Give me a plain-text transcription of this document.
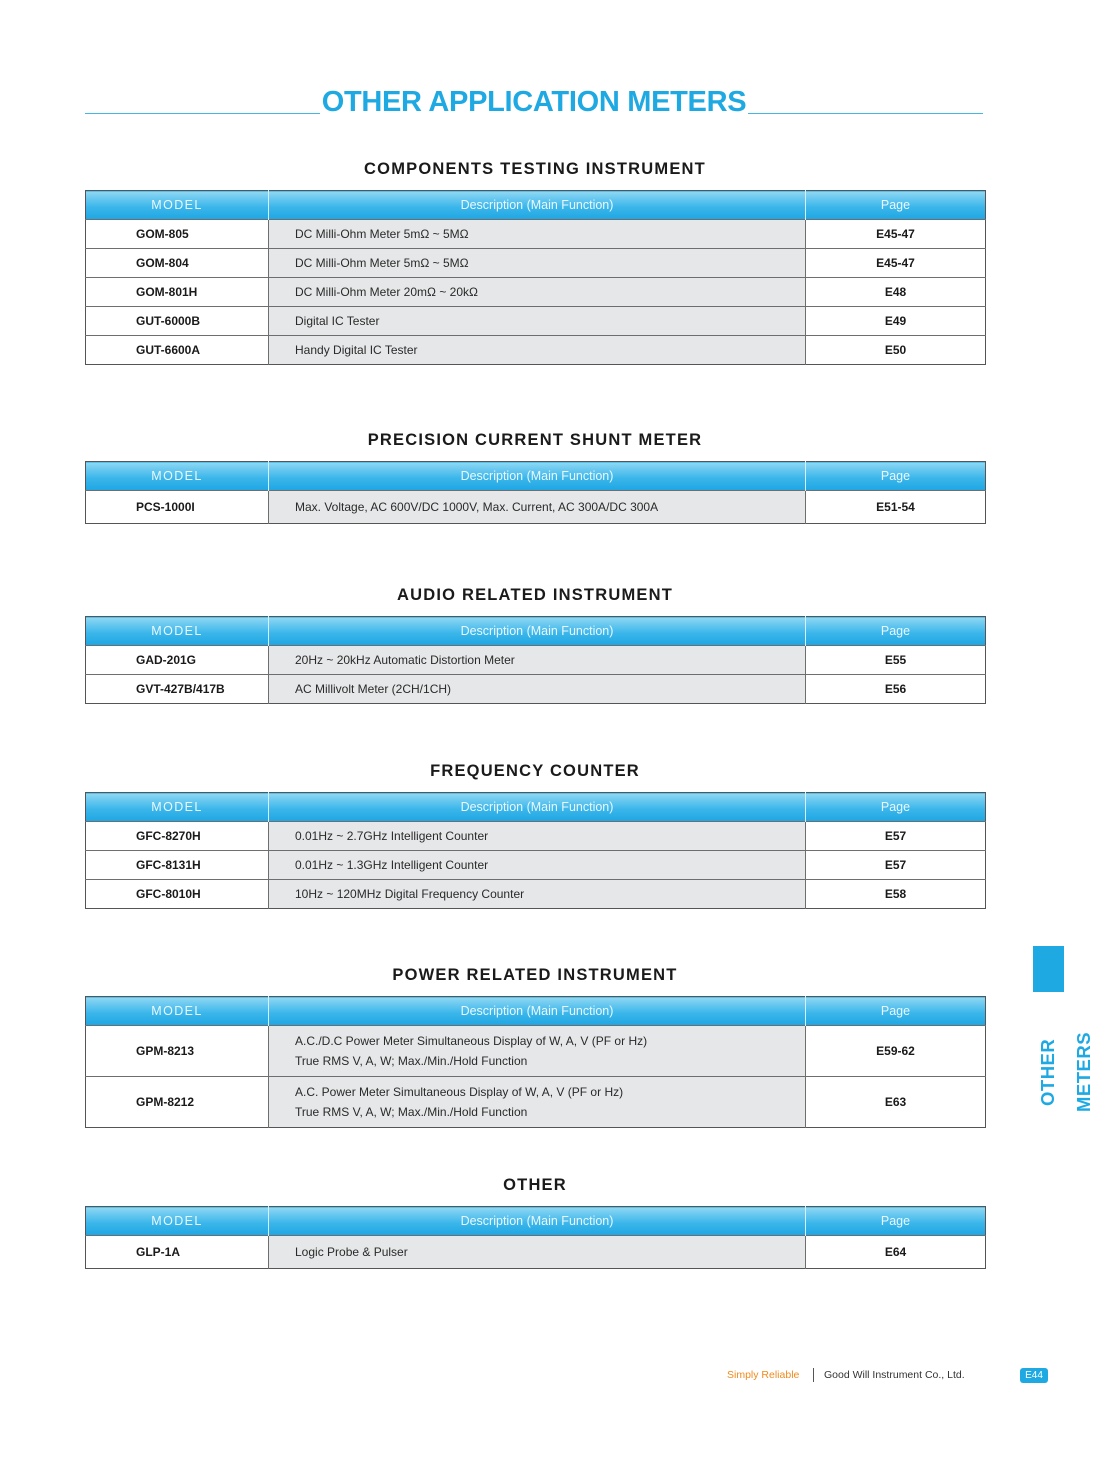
OTHER APPLICATION METERS
COMPONENTS TESTING INSTRUMENT
MODEL	Description (Main Function)	Page
GOM-805	DC Milli-Ohm Meter 5mΩ ~ 5MΩ	E45-47
GOM-804	DC Milli-Ohm Meter 5mΩ ~ 5MΩ	E45-47
GOM-801H	DC Milli-Ohm Meter 20mΩ ~ 20kΩ	E48
GUT-6000B	Digital IC Tester	E49
GUT-6600A	Handy Digital IC Tester	E50
PRECISION CURRENT SHUNT METER
MODEL	Description (Main Function)	Page
PCS-1000I	Max. Voltage, AC 600V/DC 1000V, Max. Current, AC 300A/DC 300A	E51-54
AUDIO RELATED INSTRUMENT
MODEL	Description (Main Function)	Page
GAD-201G	20Hz ~ 20kHz Automatic Distortion Meter	E55
GVT-427B/417B	AC Millivolt Meter (2CH/1CH)	E56
FREQUENCY COUNTER
MODEL	Description (Main Function)	Page
GFC-8270H	0.01Hz ~ 2.7GHz Intelligent Counter	E57
GFC-8131H	0.01Hz ~ 1.3GHz Intelligent Counter	E57
GFC-8010H	10Hz ~ 120MHz Digital Frequency Counter	E58
POWER RELATED INSTRUMENT
MODEL	Description (Main Function)	Page
GPM-8213	A.C./D.C Power Meter Simultaneous Display of W, A, V (PF or Hz)
True RMS V, A, W; Max./Min./Hold Function	E59-62
GPM-8212	A.C. Power Meter Simultaneous Display of W, A, V (PF or Hz)
True RMS V, A, W; Max./Min./Hold Function	E63
OTHER
MODEL	Description (Main Function)	Page
GLP-1A	Logic Probe & Pulser	E64
OTHER METERS
Simply Reliable Good Will Instrument Co., Ltd.	E44
